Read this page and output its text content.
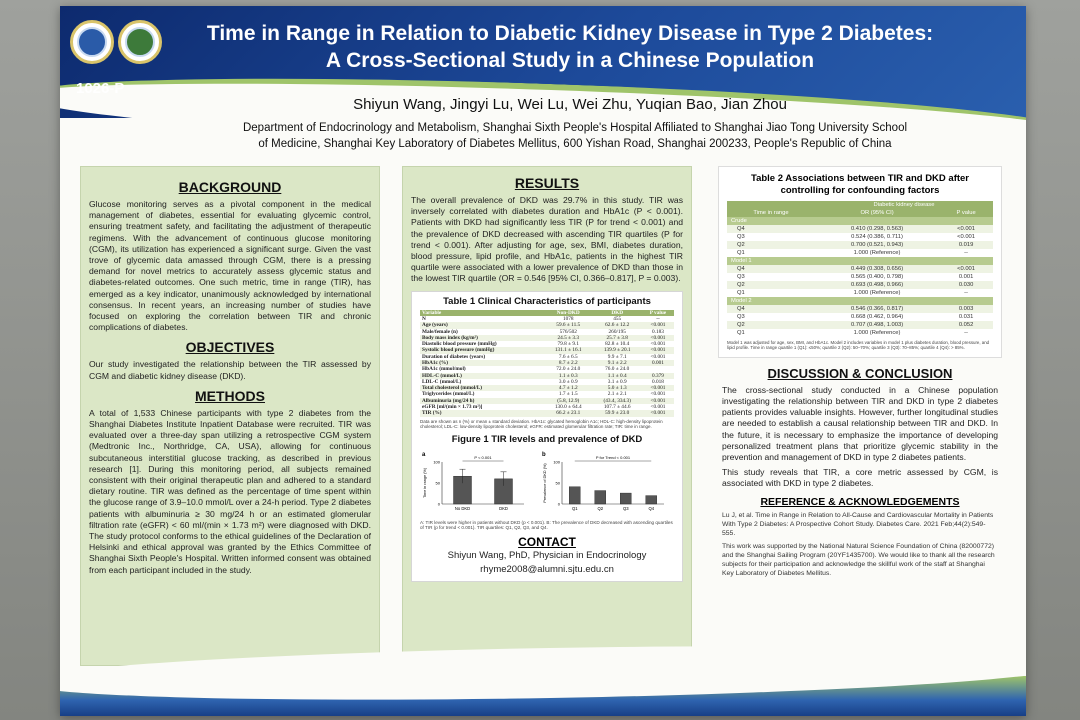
1026-P
Time in Range in Relation to Diabetic Kidney Disease in Type 2 Diabetes:
A Cross-Sectional Study in a Chinese Population
Shiyun Wang, Jingyi Lu, Wei Lu, Wei Zhu, Yuqian Bao, Jian Zhou
Department of Endocrinology and Metabolism, Shanghai Sixth People's Hospital Affiliated to Shanghai Jiao Tong University School
of Medicine, Shanghai Key Laboratory of Diabetes Mellitus, 600 Yishan Road, Shanghai 200233, People's Republic of China
BACKGROUND
Glucose monitoring serves as a pivotal component in the medical management of diabetes, essential for evaluating glycemic control, ensuring treatment safety, and facilitating the adjustment of therapeutic regimens. With the advancement of continuous glucose monitoring (CGM), its utilization has experienced a significant surge. Given the vast trove of glycemic data amassed through CGM, there is a pressing demand for novel metrics to accurately assess glycemic status and diabetes-related outcomes. One such metric, time in range (TIR), has emerged as a key indicator, unanimously acknowledged by international consensus. In recent years, an increasing number of studies have focused on exploring the correlation between TIR and chronic complications of diabetes.
OBJECTIVES
Our study investigated the relationship between the TIR assessed by CGM and diabetic kidney disease (DKD).
METHODS
A total of 1,533 Chinese participants with type 2 diabetes from the Shanghai Diabetes Institute Inpatient Database were recruited. TIR was evaluated over a three-day span utilizing a retrospective CGM system (Medtronic Inc., Northridge, CA, USA), allowing for continuous subcutaneous interstitial glucose tracking, as described in previous research [1]. During this monitoring period, all subjects remained consistent with their original therapeutic plan and adhered to a standard dietary routine. TIR was defined as the percentage of time spent within the glucose range of 3.9–10.0 mmol/L over a 24-h period. Type 2 diabetes patients with albuminuria ≥ 30 mg/24 h or an estimated glomerular filtration rate (eGFR) < 60 ml/(min × 1.73 m²) were diagnosed with DKD. The study protocol conforms to the ethical guidelines of the Declaration of Helsinki and ethical approval was granted by the Ethics Committee of Shanghai Sixth People's Hospital. Written informed consent was obtained from each participant included in the study.
RESULTS
The overall prevalence of DKD was 29.7% in this study. TIR was inversely correlated with diabetes duration and HbA1c (P < 0.001). Patients with DKD had significantly less TIR (P for trend < 0.001) and the prevalence of DKD decreased with ascending TIR quartiles (P for trend < 0.001). After adjusting for age, sex, BMI, diabetes duration, blood pressure, lipid profile, and HbA1c, patients in the highest TIR quartile were associated with a lower prevalence of DKD than those in the lowest TIR quartile (OR = 0.546 [95% CI, 0.366–0.817], P = 0.003).
Table 1 Clinical Characteristics of participants
Variable	Non-DKD	DKD	P value
N	1078	455	--
Age (years)	59.6 ± 11.5	62.6 ± 12.2	<0.001
Male/female (n)	576/502	260/195	0.183
Body mass index (kg/m²)	24.5 ± 3.3	25.7 ± 3.8	<0.001
Diastolic blood pressure (mmHg)	79.8 ± 9.1	82.8 ± 10.4	<0.001
Systolic blood pressure (mmHg)	131.1 ± 16.1	139.9 ± 20.1	<0.001
Duration of diabetes (years)	7.6 ± 6.5	9.9 ± 7.1	<0.001
HbA1c (%)	8.7 ± 2.2	9.1 ± 2.2	0.001
HbA1c (mmol/mol)	72.0 ± 24.0	76.0 ± 24.0	
HDL-C (mmol/L)	1.1 ± 0.3	1.1 ± 0.4	0.379
LDL-C (mmol/L)	3.0 ± 0.9	3.1 ± 0.9	0.018
Total cholesterol (mmol/L)	4.7 ± 1.2	5.0 ± 1.3	<0.001
Triglycerides (mmol/L)	1.7 ± 1.5	2.1 ± 2.1	<0.001
Albuminuria (mg/24 h)	(5.8, 12.9)	(43.4, 334.3)	<0.001
eGFR [ml/(min × 1.73 m²)]	130.0 ± 64.4	107.7 ± 44.6	<0.001
TIR (%)	66.2 ± 23.1	59.9 ± 23.0	<0.001
Data are shown as n (%) or mean ± standard deviation. HbA1c: glycated hemoglobin A1c; HDL-C: high-density lipoprotein cholesterol; LDL-C: low-density lipoprotein cholesterol; eGFR: estimated glomerular filtration rate; TIR: time in range.
Figure 1 TIR levels and prevalence of DKD
a
0
50
100
Time in range (%)
No DKD	DKD
P < 0.001	b
0
50
100
Prevalence of DKD (%)
Q1	Q2	Q3	Q4
P for Trend < 0.001
A: TIR levels were higher in patients without DKD (p < 0.001). B: The prevalence of DKD decreased with ascending quartiles of TIR (p for trend < 0.001). TIR quartiles: Q1, Q2, Q3, and Q4.
CONTACT
Shiyun Wang, PhD, Physician in Endocrinology
rhyme2008@alumni.sjtu.edu.cn
Table 2 Associations between TIR and DKD after
controlling for confounding factors
	Diabetic kidney disease	
Time in range	OR (95% CI)	P value
Crude		
Q4	0.410 (0.298, 0.563)	<0.001
Q3	0.524 (0.386, 0.711)	<0.001
Q2	0.700 (0.521, 0.943)	0.019
Q1	1.000 (Reference)	--
Model 1		
Q4	0.449 (0.308, 0.656)	<0.001
Q3	0.565 (0.400, 0.798)	0.001
Q2	0.693 (0.498, 0.966)	0.030
Q1	1.000 (Reference)	--
Model 2		
Q4	0.546 (0.366, 0.817)	0.003
Q3	0.668 (0.462, 0.964)	0.031
Q2	0.707 (0.498, 1.003)	0.052
Q1	1.000 (Reference)	--
Model 1 was adjusted for age, sex, BMI, and HbA1c. Model 2 includes variables in model 1 plus diabetes duration, blood pressure, and lipid profile. Time in range quartile 1 (Q1): ≤50%; quartile 2 (Q2): 50–70%; quartile 3 (Q3): 70–85%; quartile 4 (Q4): > 85%.
DISCUSSION & CONCLUSION
The cross-sectional study conducted in a Chinese population investigating the relationship between TIR and DKD in type 2 diabetes patients provides valuable insights. However, further longitudinal studies are needed to establish a causal relationship between TIR and DKD. In the future, it is necessary to emphasize the importance of developing personalized treatment plans that prioritize glycemic stability in the prevention and management of DKD in type 2 diabetes patients.
This study reveals that TIR, a core metric assessed by CGM, is associated with DKD in type 2 diabetes.
REFERENCE & ACKNOWLEDGEMENTS
Lu J, et al. Time in Range in Relation to All-Cause and Cardiovascular Mortality in Patients With Type 2 Diabetes: A Prospective Cohort Study. Diabetes Care. 2021 Feb;44(2):549-555.
This work was supported by the National Natural Science Foundation of China (82000772) and the Shanghai Sailing Program (20YF1435700). We would like to thank all the research subjects for their participation and acknowledge the skillful work of the staff at Shanghai Key Laboratory of Diabetes Mellitus.
